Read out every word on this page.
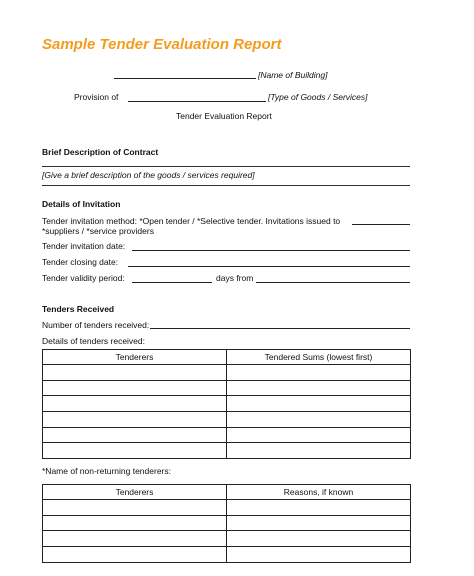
Sample Tender Evaluation Report
[Name of Building]
Provision of	[Type of Goods / Services]
Tender Evaluation Report
Brief Description of Contract
[Give a brief description of the goods / services required]
Details of Invitation
Tender invitation method: *Open tender / *Selective tender. Invitations issued to
*suppliers / *service providers
Tender invitation date:
Tender closing date:
Tender validity period:	days from
Tenders Received
Number of tenders received:
Details of tenders received:
Tenderers	Tendered Sums (lowest first)

*Name of non-returning tenderers:
Tenderers	Reasons, if known
